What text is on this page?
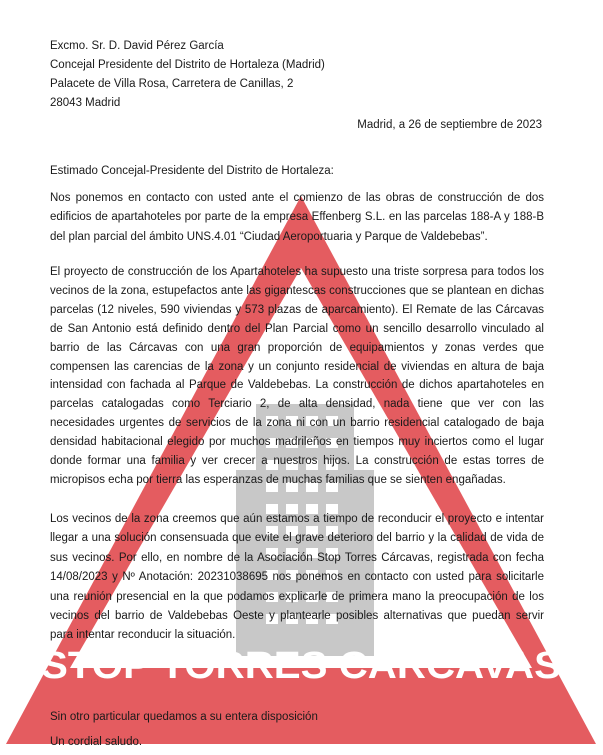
STOP TORRES CÁRCAVAS
Excmo. Sr. D. David Pérez García
Concejal Presidente del Distrito de Hortaleza (Madrid)
Palacete de Villa Rosa, Carretera de Canillas, 2
28043 Madrid
Madrid, a 26 de septiembre de 2023
Estimado Concejal-Presidente del Distrito de Hortaleza:
Nos ponemos en contacto con usted ante el comienzo de las obras de construcción de dos edificios de apartahoteles por parte de la empresa Effenberg S.L. en las parcelas 188-A y 188-B del plan parcial del ámbito UNS.4.01 “Ciudad Aeroportuaria y Parque de Valdebebas”.
El proyecto de construcción de los Apartahoteles ha supuesto una triste sorpresa para todos los vecinos de la zona, estupefactos ante las gigantescas construcciones que se plantean en dichas parcelas (12 niveles, 590 viviendas y 573 plazas de aparcamiento). El Remate de las Cárcavas de San Antonio está definido dentro del Plan Parcial como un sencillo desarrollo vinculado al barrio de las Cárcavas con una gran proporción de equipamientos y zonas verdes que compensen las carencias de la zona y un conjunto residencial de viviendas en altura de baja intensidad con fachada al Parque de Valdebebas. La construcción de dichos apartahoteles en parcelas catalogadas como Terciario 2, de alta densidad, nada tiene que ver con las necesidades urgentes de servicios de la zona ni con un barrio residencial catalogado de baja densidad habitacional elegido por muchos madrileños en tiempos muy inciertos como el lugar donde formar una familia y ver crecer a nuestros hijos. La construcción de estas torres de micropisos echa por tierra las esperanzas de muchas familias que se sienten engañadas.
Los vecinos de la zona creemos que aún estamos a tiempo de reconducir el proyecto e intentar llegar a una solución consensuada que evite el grave deterioro del barrio y la calidad de vida de sus vecinos. Por ello, en nombre de la Asociación Stop Torres Cárcavas, registrada con fecha 14/08/2023 y Nº Anotación: 20231038695 nos ponemos en contacto con usted para solicitarle una reunión presencial en la que podamos explicarle de primera mano la preocupación de los vecinos del barrio de Valdebebas Oeste y plantearle posibles alternativas que puedan servir para intentar reconducir la situación.
Sin otro particular quedamos a su entera disposición
Un cordial saludo.
